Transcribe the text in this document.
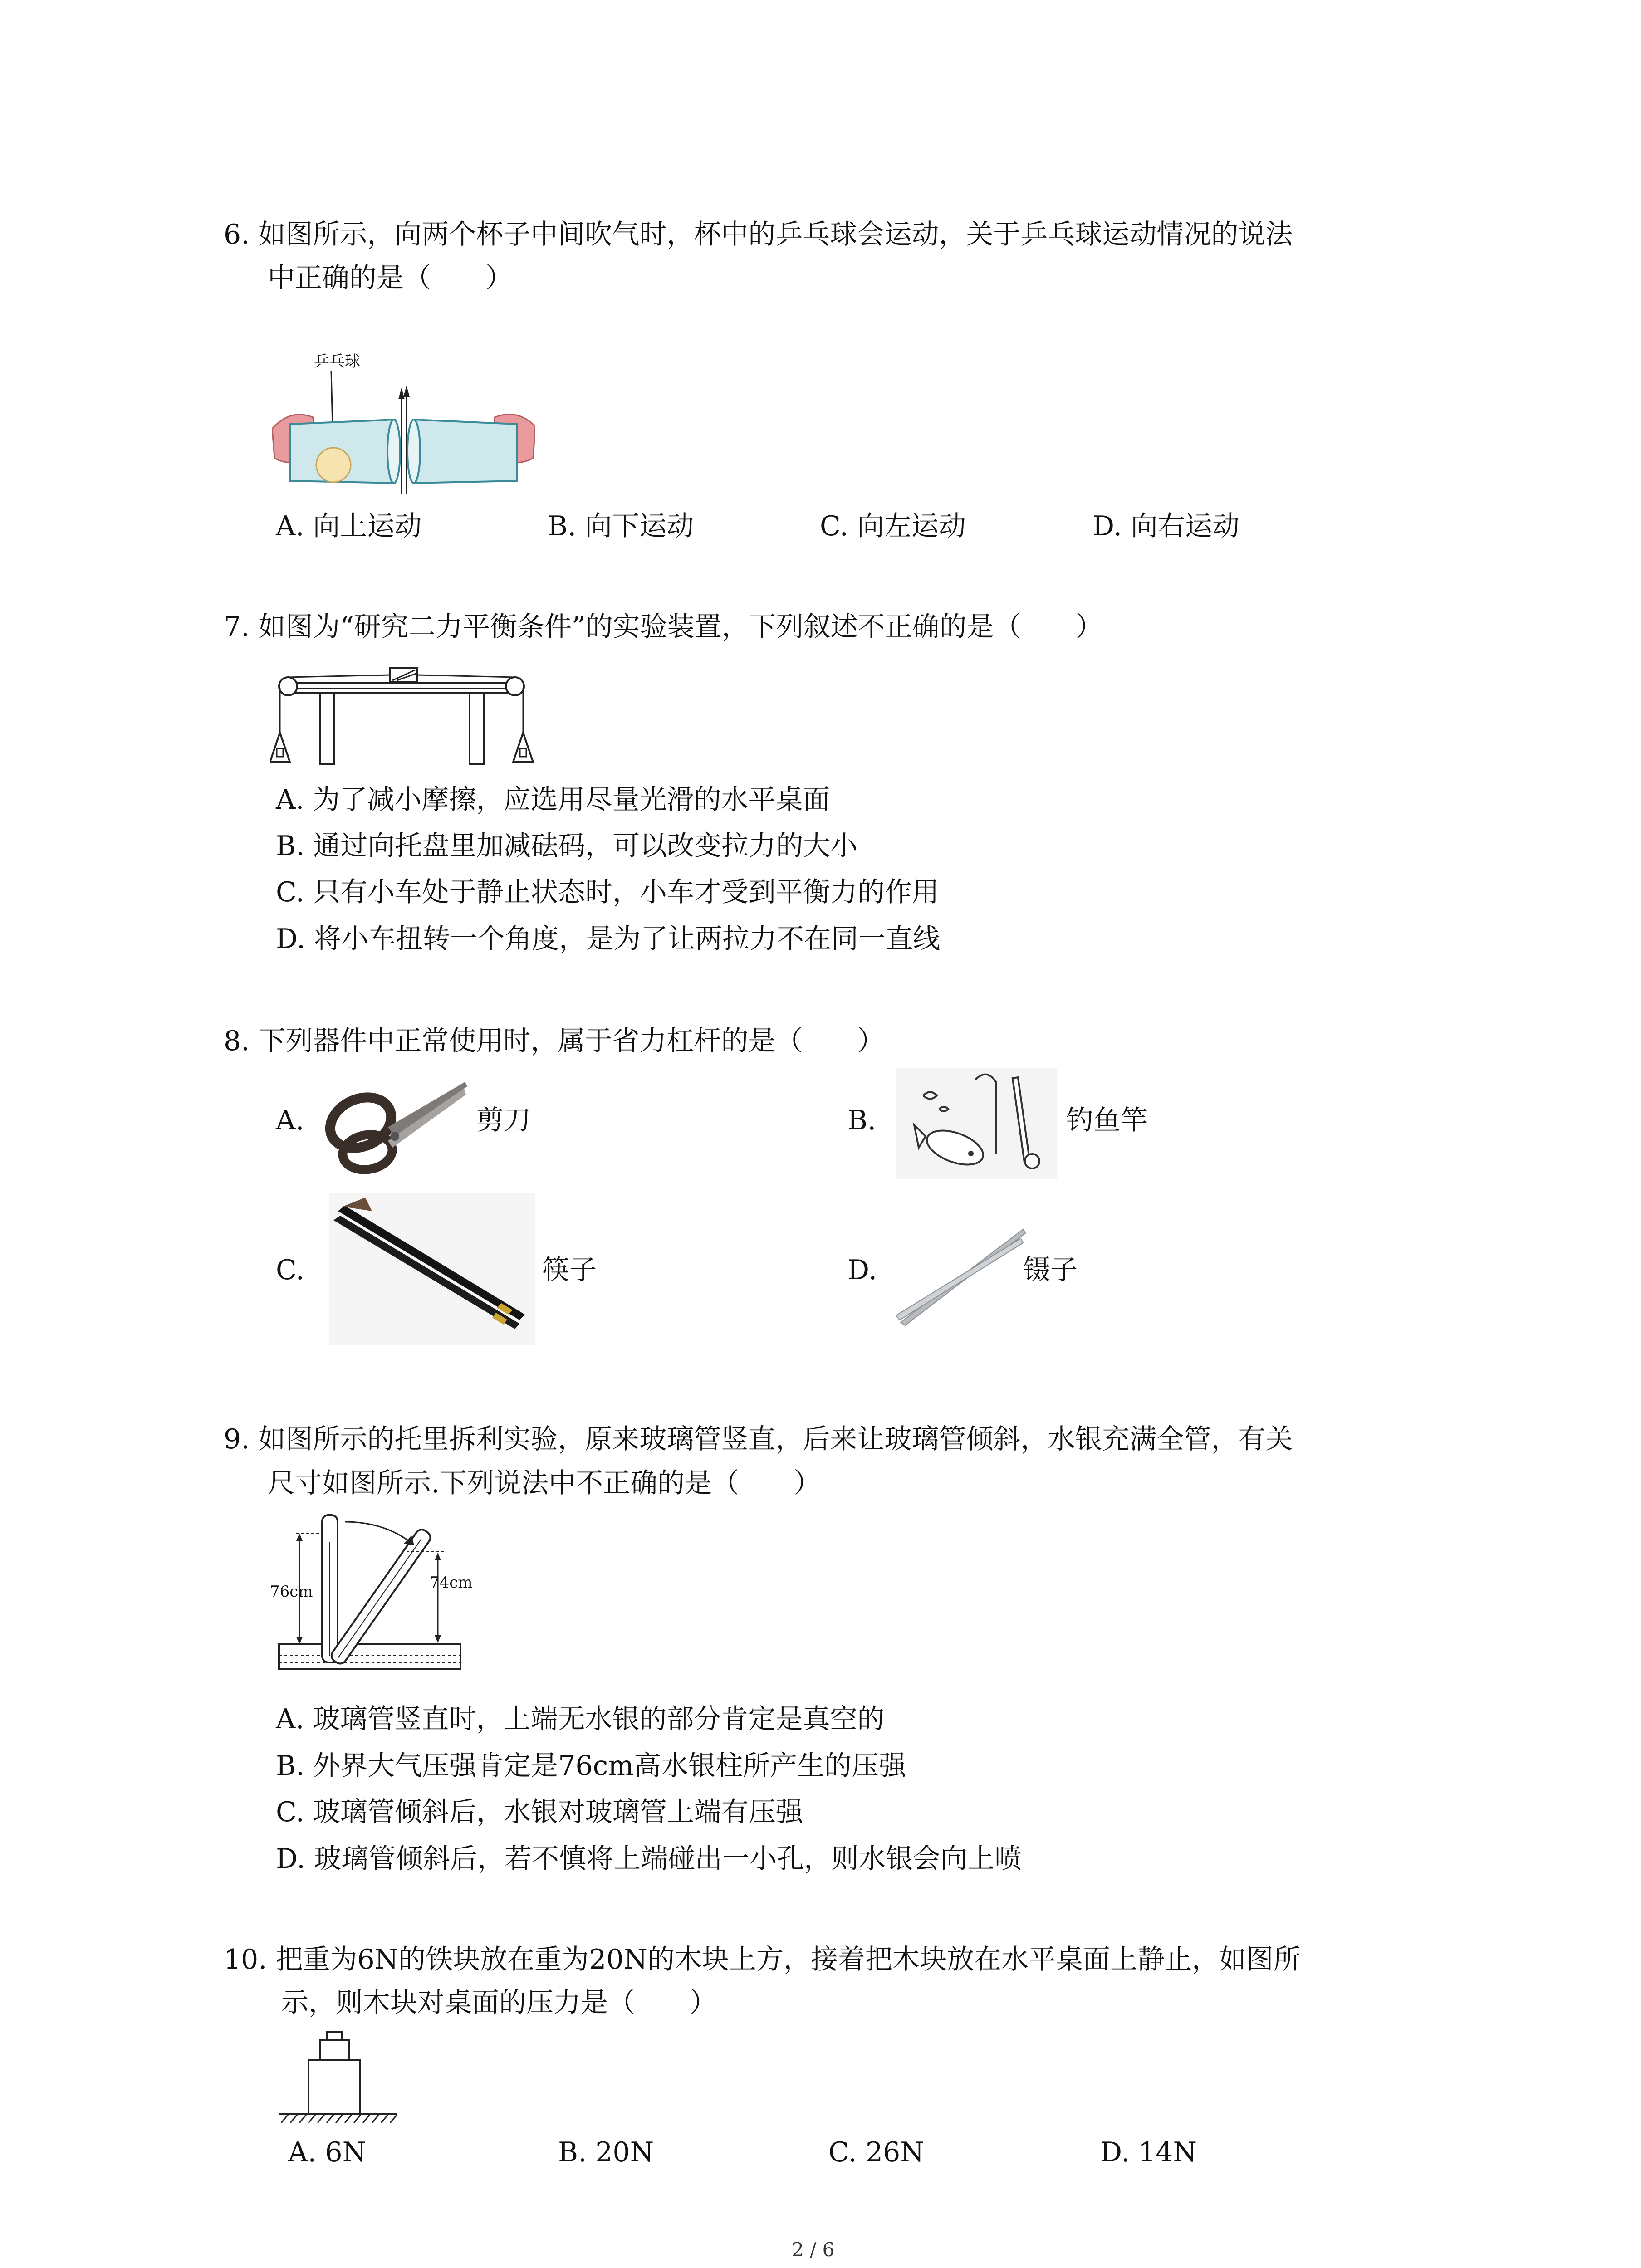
6. 如图所示，向两个杯子中间吹气时，杯中的乒乓球会运动，关于乒乓球运动情况的说法
中正确的是（　　）
乒乓球
A. 向上运动	B. 向下运动	C. 向左运动	D. 向右运动
7. 如图为“研究二力平衡条件”的实验装置，下列叙述不正确的是（　　）
A. 为了减小摩擦，应选用尽量光滑的水平桌面
B. 通过向托盘里加减砝码，可以改变拉力的大小
C. 只有小车处于静止状态时，小车才受到平衡力的作用
D. 将小车扭转一个角度，是为了让两拉力不在同一直线
8. 下列器件中正常使用时，属于省力杠杆的是（　　）
A.	剪刀	B.	钓鱼竿
C.	筷子	D.	镊子
9. 如图所示的托里拆利实验，原来玻璃管竖直，后来让玻璃管倾斜，水银充满全管，有关
尺寸如图所示.下列说法中不正确的是（　　）
76cm	74cm
A. 玻璃管竖直时，上端无水银的部分肯定是真空的
B. 外界大气压强肯定是76cm高水银柱所产生的压强
C. 玻璃管倾斜后，水银对玻璃管上端有压强
D. 玻璃管倾斜后，若不慎将上端碰出一小孔，则水银会向上喷
10. 把重为6N的铁块放在重为20N的木块上方，接着把木块放在水平桌面上静止，如图所
示，则木块对桌面的压力是（　　）
A. 6N	B. 20N	C. 26N	D. 14N
2 / 6
